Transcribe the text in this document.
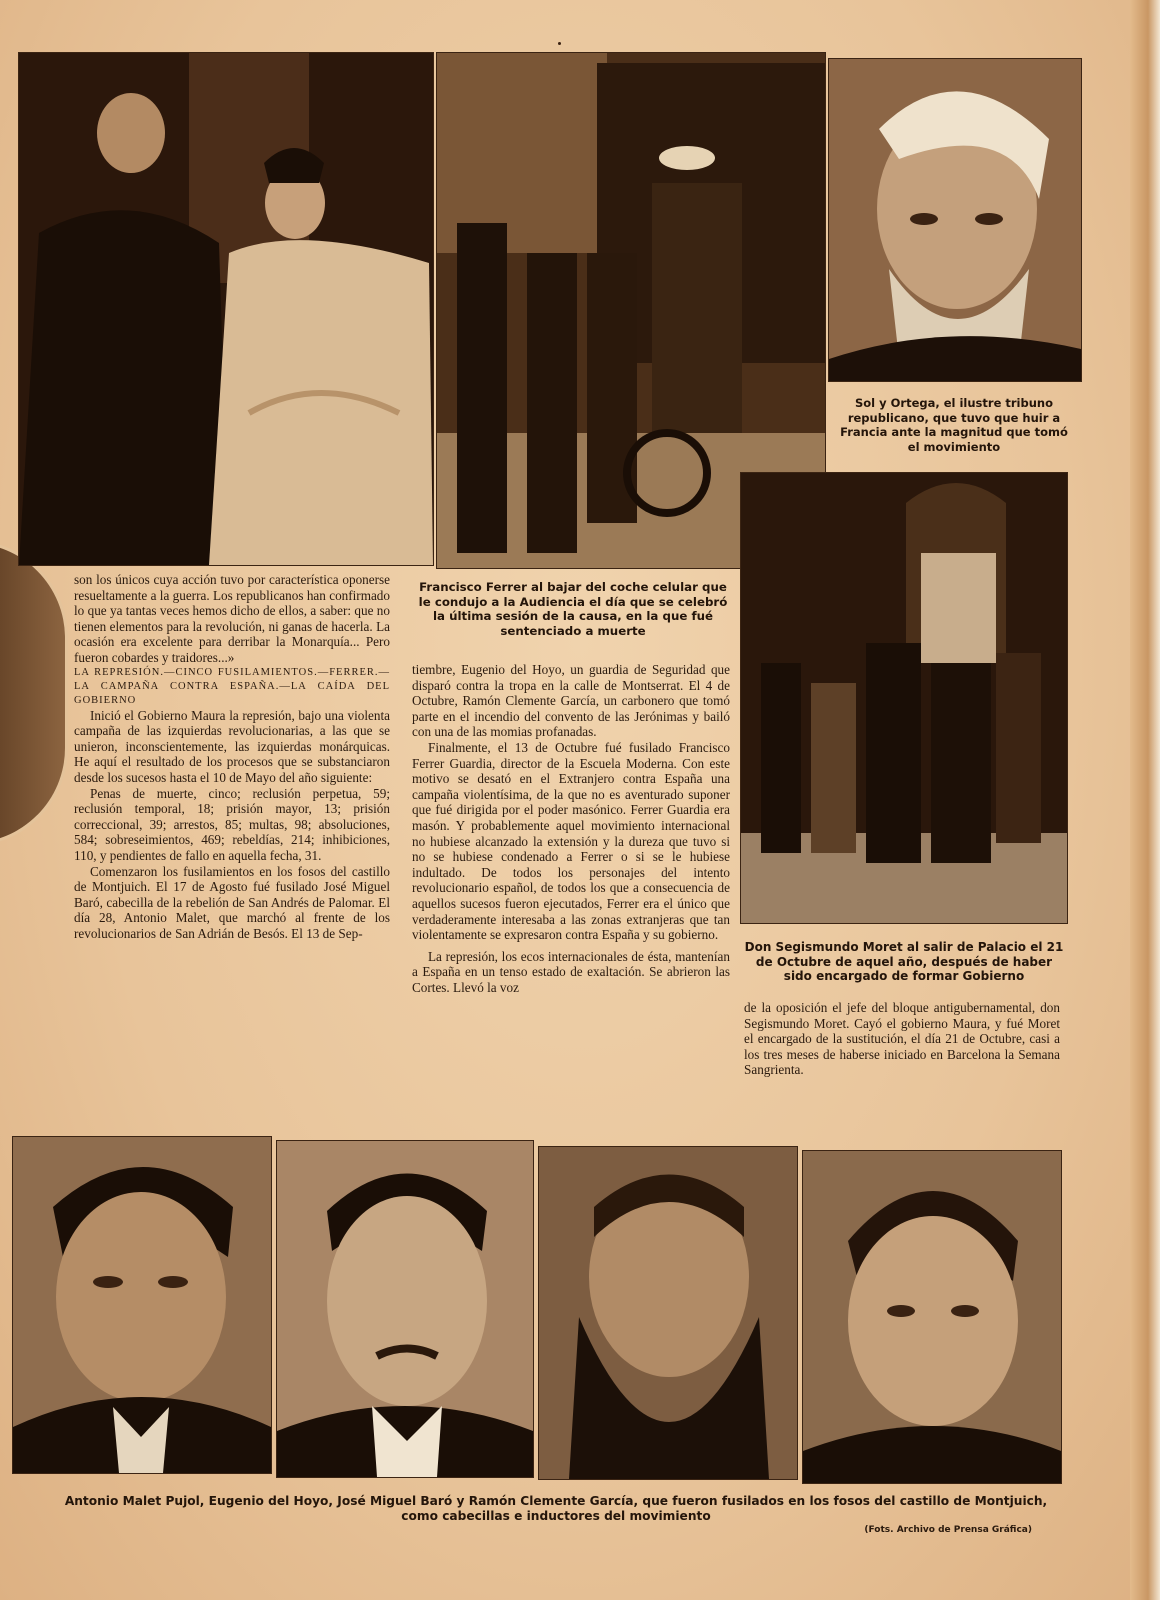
Sol y Ortega, el ilustre tribuno republicano, que tuvo que huir a Francia ante la magnitud que tomó el movimiento
Don Segismundo Moret al salir de Palacio el 21 de Octubre de aquel año, después de haber sido encargado de formar Gobierno

son los únicos cuya acción tuvo por característica oponerse resueltamente a la guerra. Los republicanos han confirmado lo que ya tantas veces hemos dicho de ellos, a saber: que no tienen elementos para la revolución, ni ganas de hacerla. La ocasión era excelente para derribar la Monarquía... Pero fueron cobardes y traidores...»

LA REPRESIÓN.—CINCO FUSILAMIENTOS.—FERRER.—LA CAMPAÑA CONTRA ESPAÑA.—LA CAÍDA DEL GOBIERNO

Inició el Gobierno Maura la represión, bajo una violenta campaña de las izquierdas revolucionarias, a las que se unieron, inconscientemente, las izquierdas monárquicas. He aquí el resultado de los procesos que se substanciaron desde los sucesos hasta el 10 de Mayo del año siguiente:

Penas de muerte, cinco; reclusión perpetua, 59; reclusión temporal, 18; prisión mayor, 13; prisión correccional, 39; arrestos, 85; multas, 98; absoluciones, 584; sobreseimientos, 469; rebeldías, 214; inhibiciones, 110, y pendientes de fallo en aquella fecha, 31.

Comenzaron los fusilamientos en los fosos del castillo de Montjuich. El 17 de Agosto fué fusilado José Miguel Baró, cabecilla de la rebelión de San Andrés de Palomar. El día 28, Antonio Malet, que marchó al frente de los revolucionarios de San Adrián de Besós. El 13 de Sep-

Francisco Ferrer al bajar del coche celular que le condujo a la Audiencia el día que se celebró la última sesión de la causa, en la que fué sentenciado a muerte

tiembre, Eugenio del Hoyo, un guardia de Seguridad que disparó contra la tropa en la calle de Montserrat. El 4 de Octubre, Ramón Clemente García, un carbonero que tomó parte en el incendio del convento de las Jerónimas y bailó con una de las momias profanadas.

Finalmente, el 13 de Octubre fué fusilado Francisco Ferrer Guardia, director de la Escuela Moderna. Con este motivo se desató en el Extranjero contra España una campaña violentísima, de la que no es aventurado suponer que fué dirigida por el poder masónico. Ferrer Guardia era masón. Y probablemente aquel movimiento internacional no hubiese alcanzado la extensión y la dureza que tuvo si no se hubiese condenado a Ferrer o si se le hubiese indultado. De todos los personajes del intento revolucionario español, de todos los que a consecuencia de aquellos sucesos fueron ejecutados, Ferrer era el único que verdaderamente interesaba a las zonas extranjeras que tan violentamente se expresaron contra España y su gobierno.

La represión, los ecos internacionales de ésta, mantenían a España en un tenso estado de exaltación. Se abrieron las Cortes. Llevó la voz

de la oposición el jefe del bloque antigubernamental, don Segismundo Moret. Cayó el gobierno Maura, y fué Moret el encargado de la sustitución, el día 21 de Octubre, casi a los tres meses de haberse iniciado en Barcelona la Semana Sangrienta.

Antonio Malet Pujol, Eugenio del Hoyo, José Miguel Baró y Ramón Clemente García, que fueron fusilados en los fosos del castillo de Montjuich, como cabecillas e inductores del movimiento
(Fots. Archivo de Prensa Gráfica)
